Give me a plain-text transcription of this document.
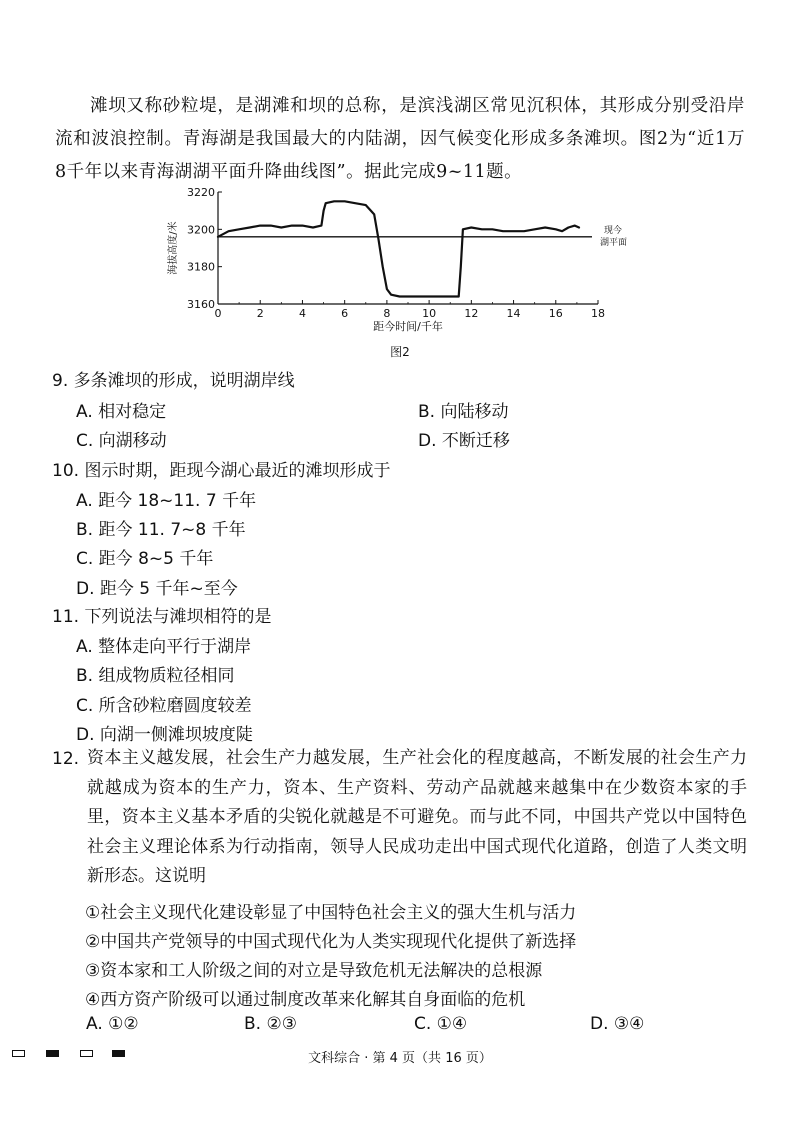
滩坝又称砂粒堤，是湖滩和坝的总称，是滨浅湖区常见沉积体，其形成分别受沿岸流和波浪控制。青海湖是我国最大的内陆湖，因气候变化形成多条滩坝。图2为“近1万8千年以来青海湖湖平面升降曲线图”。据此完成9~11题。
0	2	4	6	8	10	12	14	16	18
3160
3180
3200
3220
距今时间/千年
海拔高度/米	现今
湖平面
图2
9. 多条滩坝的形成，说明湖岸线
A. 相对稳定	B. 向陆移动
C. 向湖移动	D. 不断迁移
10. 图示时期，距现今湖心最近的滩坝形成于
A. 距今 18~11. 7 千年
B. 距今 11. 7~8 千年
C. 距今 8~5 千年
D. 距今 5 千年~至今
11. 下列说法与滩坝相符的是
A. 整体走向平行于湖岸
B. 组成物质粒径相同
C. 所含砂粒磨圆度较差
D. 向湖一侧滩坝坡度陡
12. 资本主义越发展，社会生产力越发展，生产社会化的程度越高，不断发展的社会生产力就越成为资本的生产力，资本、生产资料、劳动产品就越来越集中在少数资本家的手里，资本主义基本矛盾的尖锐化就越是不可避免。而与此不同，中国共产党以中国特色社会主义理论体系为行动指南，领导人民成功走出中国式现代化道路，创造了人类文明新形态。这说明
①社会主义现代化建设彰显了中国特色社会主义的强大生机与活力
②中国共产党领导的中国式现代化为人类实现现代化提供了新选择
③资本家和工人阶级之间的对立是导致危机无法解决的总根源
④西方资产阶级可以通过制度改革来化解其自身面临的危机
A. ①②	B. ②③	C. ①④	D. ③④
文科综合 · 第 4 页（共 16 页）
